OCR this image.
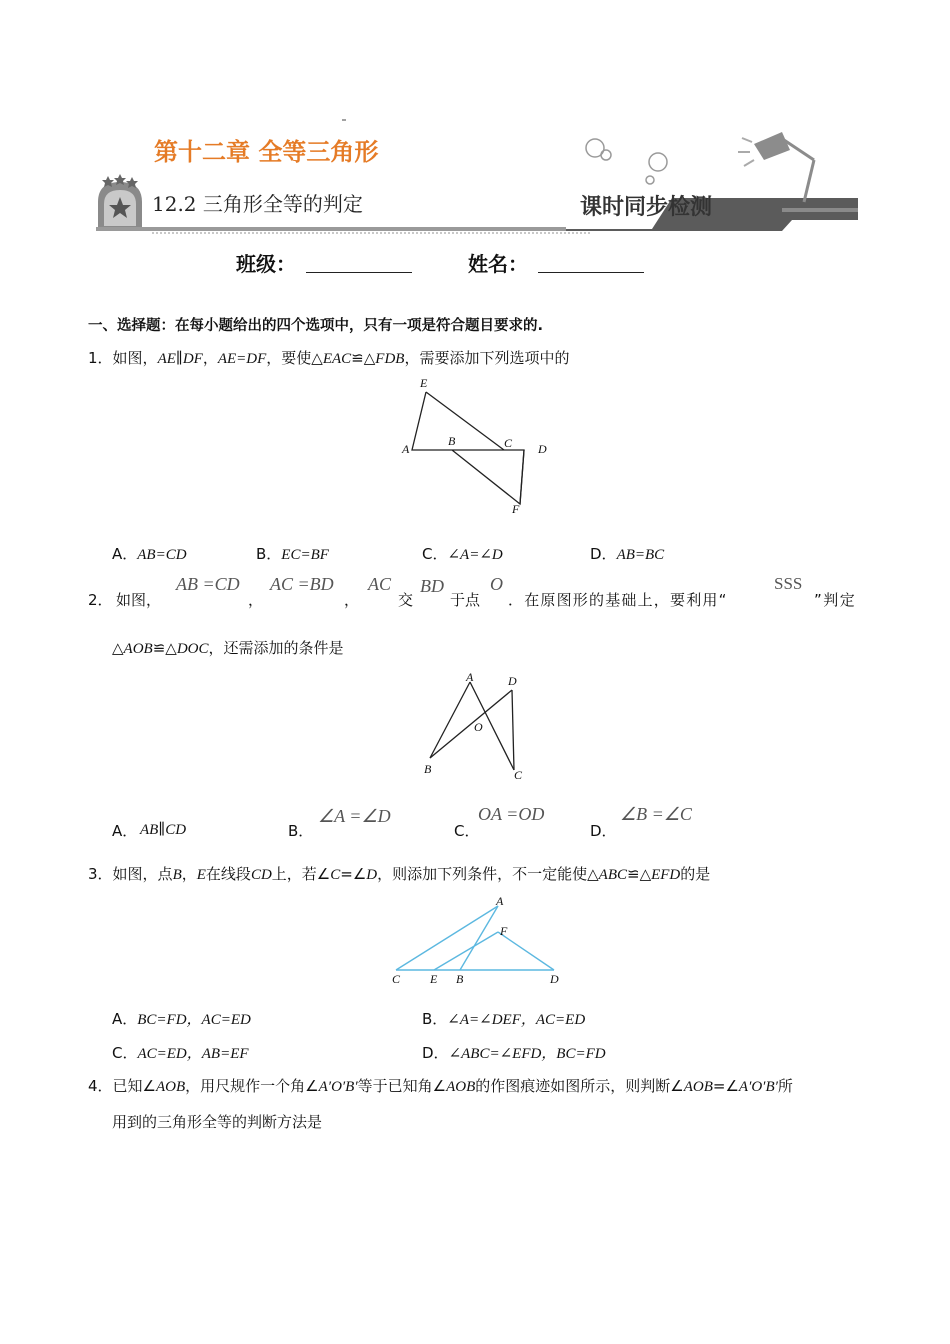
第十二章 全等三角形
12.2 三角形全等的判定	课时同步检测
班级：	姓名：
一、选择题：在每小题给出的四个选项中，只有一项是符合题目要求的.
1．如图，AE∥DF，AE=DF，要使△EAC≌△FDB，需要添加下列选项中的
E
A
B	C D
F
A．AB=CD	B．EC=BF	C．∠A=∠D	D．AB=BC
2． 如图，
AB =CD
，
AC =BD
，
AC
交
BD
于点
O
．在原图形的基础上，要利用“
SSS
”判定
△AOB≌△DOC，还需添加的条件是
A	D
O
B	C
A． AB∥CD	B．
∠A =∠D
C．
OA =OD
D．
∠B =∠C
3．如图，点B，E在线段CD上，若∠C=∠D，则添加下列条件，不一定能使△ABC≌△EFD的是
A
F
C E B	D
A．BC=FD，AC=ED	B．∠A=∠DEF，AC=ED
C．AC=ED，AB=EF	D．∠ABC=∠EFD，BC=FD
4．已知∠AOB，用尺规作一个角∠A′O′B′等于已知角∠AOB的作图痕迹如图所示，则判断∠AOB=∠A′O′B′所
用到的三角形全等的判断方法是
